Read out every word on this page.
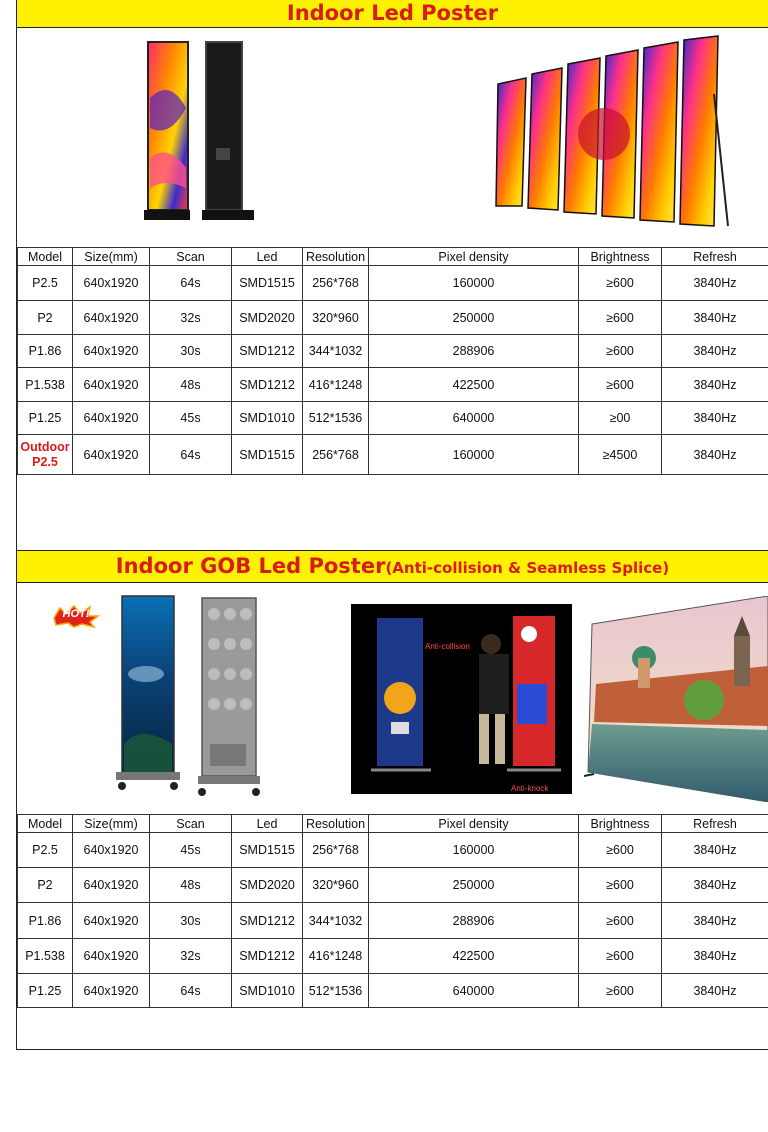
Indoor Led Poster
Model	Size(mm)	Scan	Led	Resolution	Pixel density	Brightness	Refresh
P2.5	640x1920	64s	SMD1515	256*768	160000	≥600	3840Hz
P2	640x1920	32s	SMD2020	320*960	250000	≥600	3840Hz
P1.86	640x1920	30s	SMD1212	344*1032	288906	≥600	3840Hz
P1.538	640x1920	48s	SMD1212	416*1248	422500	≥600	3840Hz
P1.25	640x1920	45s	SMD1010	512*1536	640000	≥00	3840Hz

Outdoor
P2.5	640x1920	64s	SMD1515	256*768	160000	≥4500	3840Hz
Indoor GOB Led Poster(Anti-collision & Seamless Splice)
HOT!
Anti-collision
Anti-knock
Model	Size(mm)	Scan	Led	Resolution	Pixel density	Brightness	Refresh
P2.5	640x1920	45s	SMD1515	256*768	160000	≥600	3840Hz
P2	640x1920	48s	SMD2020	320*960	250000	≥600	3840Hz
P1.86	640x1920	30s	SMD1212	344*1032	288906	≥600	3840Hz
P1.538	640x1920	32s	SMD1212	416*1248	422500	≥600	3840Hz
P1.25	640x1920	64s	SMD1010	512*1536	640000	≥600	3840Hz
